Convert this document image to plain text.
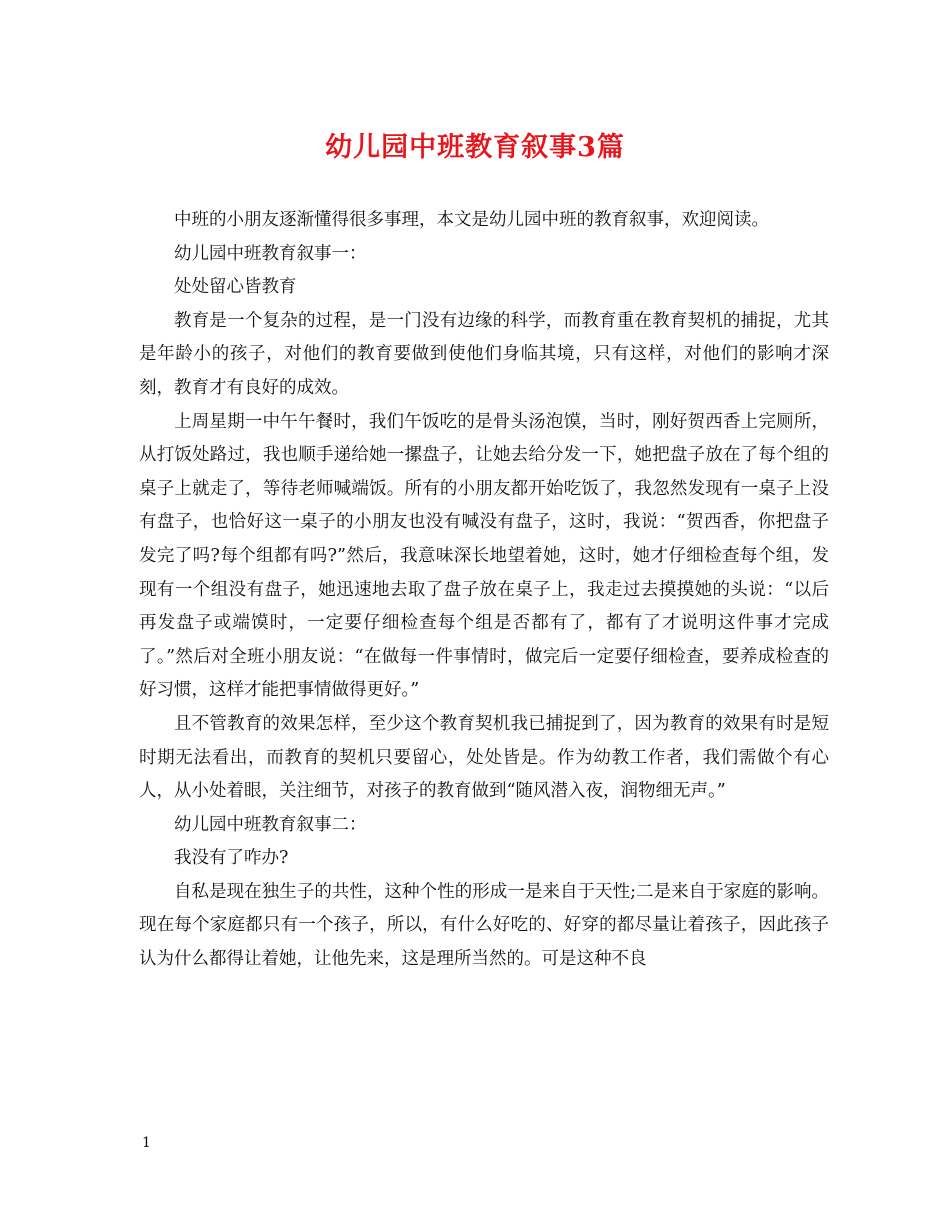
幼儿园中班教育叙事3篇

中班的小朋友逐渐懂得很多事理，本文是幼儿园中班的教育叙事，欢迎阅读。

幼儿园中班教育叙事一：

处处留心皆教育

教育是一个复杂的过程，是一门没有边缘的科学，而教育重在教育契机的捕捉，尤其是年龄小的孩子，对他们的教育要做到使他们身临其境，只有这样，对他们的影响才深刻，教育才有良好的成效。

上周星期一中午午餐时，我们午饭吃的是骨头汤泡馍，当时，刚好贺西香上完厕所，从打饭处路过，我也顺手递给她一摞盘子，让她去给分发一下，她把盘子放在了每个组的桌子上就走了，等待老师喊端饭。所有的小朋友都开始吃饭了，我忽然发现有一桌子上没有盘子，也恰好这一桌子的小朋友也没有喊没有盘子，这时，我说：“贺西香，你把盘子发完了吗?每个组都有吗?”然后，我意味深长地望着她，这时，她才仔细检查每个组，发现有一个组没有盘子，她迅速地去取了盘子放在桌子上，我走过去摸摸她的头说：“以后再发盘子或端馍时，一定要仔细检查每个组是否都有了，都有了才说明这件事才完成了。”然后对全班小朋友说：“在做每一件事情时，做完后一定要仔细检查，要养成检查的好习惯，这样才能把事情做得更好。”

且不管教育的效果怎样，至少这个教育契机我已捕捉到了，因为教育的效果有时是短时期无法看出，而教育的契机只要留心，处处皆是。作为幼教工作者，我们需做个有心人，从小处着眼，关注细节，对孩子的教育做到“随风潜入夜，润物细无声。”

幼儿园中班教育叙事二：

我没有了咋办?

自私是现在独生子的共性，这种个性的形成一是来自于天性;二是来自于家庭的影响。现在每个家庭都只有一个孩子，所以，有什么好吃的、好穿的都尽量让着孩子，因此孩子认为什么都得让着她，让他先来，这是理所当然的。可是这种不良

1
